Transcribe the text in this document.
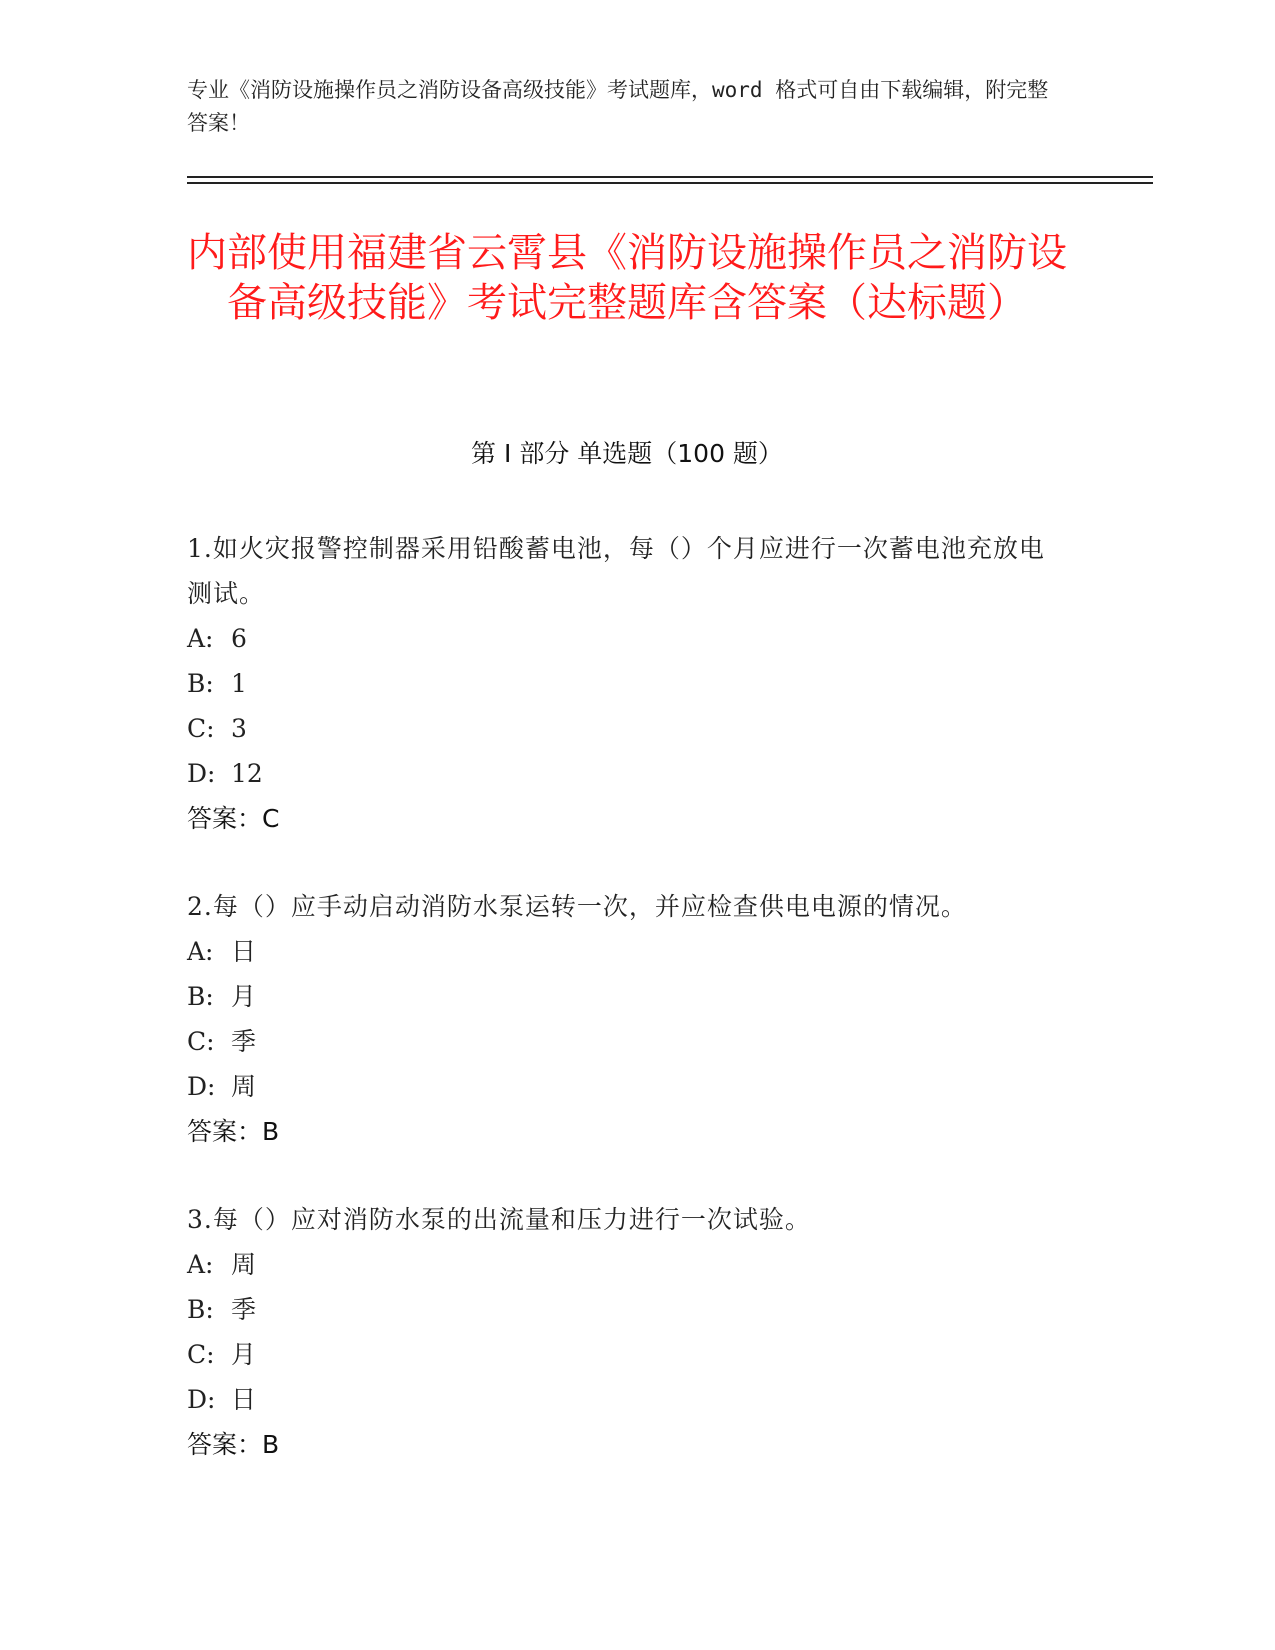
专业《消防设施操作员之消防设备高级技能》考试题库，word 格式可自由下载编辑，附完整答案！
内部使用福建省云霄县《消防设施操作员之消防设备高级技能》考试完整题库含答案（达标题）
第 I 部分 单选题（100 题）
1.如火灾报警控制器采用铅酸蓄电池，每（）个月应进行一次蓄电池充放电测试。
A: 6
B: 1
C: 3
D: 12
答案：C
2.每（）应手动启动消防水泵运转一次，并应检查供电电源的情况。
A: 日
B: 月
C: 季
D: 周
答案：B
3.每（）应对消防水泵的出流量和压力进行一次试验。
A: 周
B: 季
C: 月
D: 日
答案：B
